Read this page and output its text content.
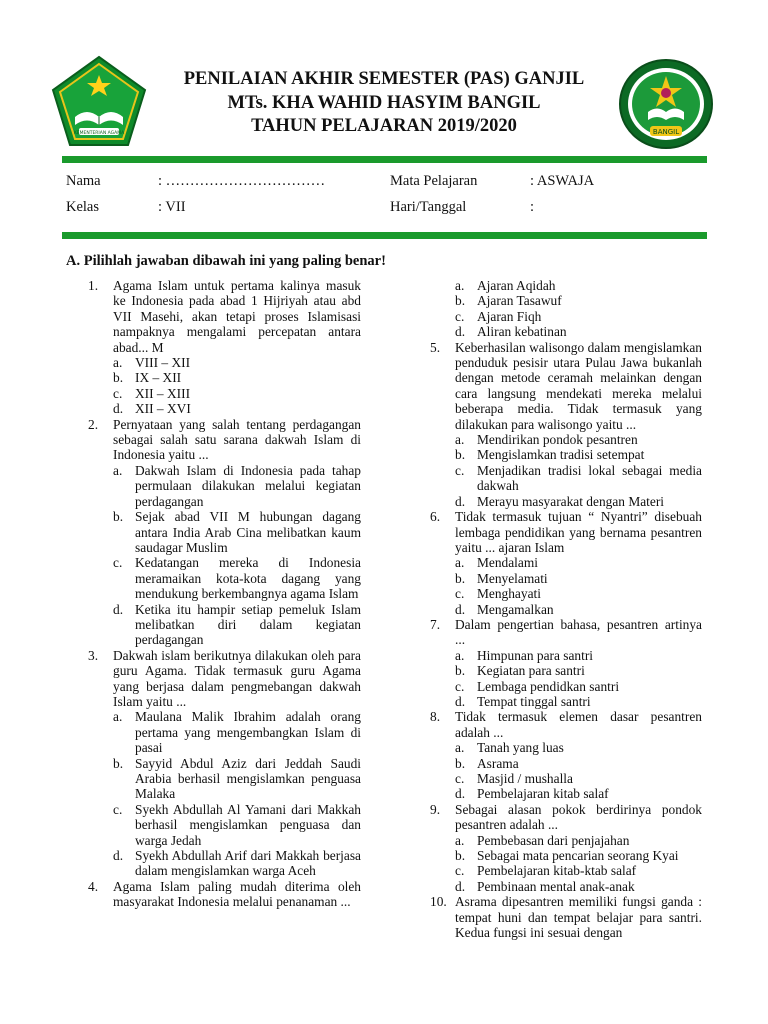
KEMENTERIAN AGAMA
PENILAIAN AKHIR SEMESTER (PAS) GANJIL
MTs. KHA WAHID HASYIM BANGIL
TAHUN PELAJARAN 2019/2020	BANGIL
Nama	: ……………………………	Mata Pelajaran	: ASWAJA
Kelas	: VII	Hari/Tanggal	:
A. Pilihlah jawaban dibawah ini yang paling benar!
1. Agama Islam untuk pertama kalinya masuk ke Indonesia pada abad 1 Hijriyah atau abd VII Masehi, akan tetapi proses Islamisasi nampaknya mengalami percepatan antara abad... M
a. VIII – XII
b. IX – XII
c. XII – XIII
d. XII – XVI
2. Pernyataan yang salah tentang perdagangan sebagai salah satu sarana dakwah Islam di Indonesia yaitu ...
a. Dakwah Islam di Indonesia pada tahap permulaan dilakukan melalui kegiatan perdagangan
b. Sejak abad VII M hubungan dagang antara India Arab Cina melibatkan kaum saudagar Muslim
c. Kedatangan mereka di Indonesia meramaikan kota-kota dagang yang mendukung berkembangnya agama Islam
d. Ketika itu hampir setiap pemeluk Islam melibatkan diri dalam kegiatan perdagangan
3. Dakwah islam berikutnya dilakukan oleh para guru Agama. Tidak termasuk guru Agama yang berjasa dalam pengmebangan dakwah Islam yaitu ...
a. Maulana Malik Ibrahim adalah orang pertama yang mengembangkan Islam di pasai
b. Sayyid Abdul Aziz dari Jeddah Saudi Arabia berhasil mengislamkan penguasa Malaka
c. Syekh Abdullah Al Yamani dari Makkah berhasil mengislamkan penguasa dan warga Jedah
d. Syekh Abdullah Arif dari Makkah berjasa dalam mengislamkan warga Aceh
4. Agama Islam paling mudah diterima oleh masyarakat Indonesia melalui penanaman ...
a. Ajaran Aqidah
b. Ajaran Tasawuf
c. Ajaran Fiqh
d. Aliran kebatinan
5. Keberhasilan walisongo dalam mengislamkan penduduk pesisir utara Pulau Jawa bukanlah dengan metode ceramah melainkan dengan cara langsung mendekati mereka melalui beberapa media. Tidak termasuk yang dilakukan para walisongo yaitu ...
a. Mendirikan pondok pesantren
b. Mengislamkan tradisi setempat
c. Menjadikan tradisi lokal sebagai media dakwah
d. Merayu masyarakat dengan Materi
6. Tidak termasuk tujuan “ Nyantri” disebuah lembaga pendidikan yang bernama pesantren yaitu ... ajaran Islam
a. Mendalami
b. Menyelamati
c. Menghayati
d. Mengamalkan
7. Dalam pengertian bahasa, pesantren artinya ...
a. Himpunan para santri
b. Kegiatan para santri
c. Lembaga pendidkan santri
d. Tempat tinggal santri
8. Tidak termasuk elemen dasar pesantren adalah ...
a. Tanah yang luas
b. Asrama
c. Masjid / mushalla
d. Pembelajaran kitab salaf
9. Sebagai alasan pokok berdirinya pondok pesantren adalah ...
a. Pembebasan dari penjajahan
b. Sebagai mata pencarian seorang Kyai
c. Pembelajaran kitab-ktab salaf
d. Pembinaan mental anak-anak
10. Asrama dipesantren memiliki fungsi ganda : tempat huni dan tempat belajar para santri. Kedua fungsi ini sesuai dengan
